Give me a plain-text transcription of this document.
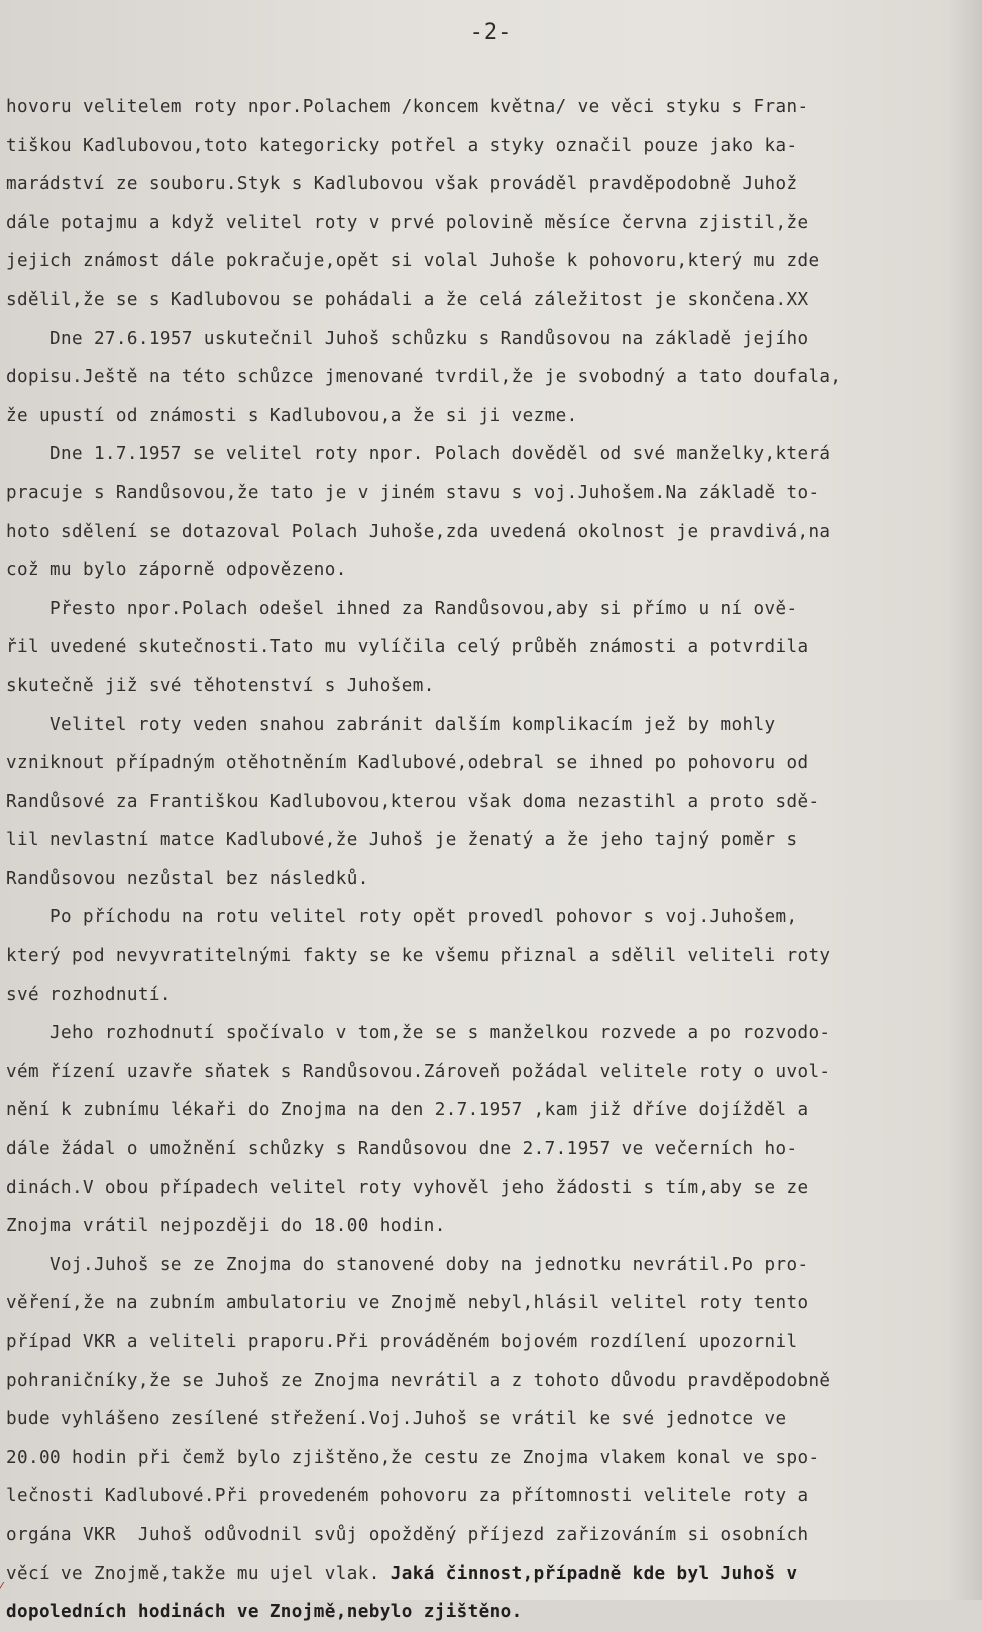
-2-
hovoru velitelem roty npor.Polachem /koncem května/ ve věci styku s Fran-
tiškou Kadlubovou,toto kategoricky potřel a styky označil pouze jako ka-
marádství ze souboru.Styk s Kadlubovou však prováděl pravděpodobně Juhož
dále potajmu a když velitel roty v prvé polovině měsíce června zjistil,že
jejich známost dále pokračuje,opět si volal Juhoše k pohovoru,který mu zde
sdělil,že se s Kadlubovou se pohádali a že celá záležitost je skončena.XX
Dne 27.6.1957 uskutečnil Juhoš schůzku s Randůsovou na základě jejího
dopisu.Ještě na této schůzce jmenované tvrdil,že je svobodný a tato doufala,
že upustí od známosti s Kadlubovou,a že si ji vezme.
Dne 1.7.1957 se velitel roty npor. Polach dověděl od své manželky,která
pracuje s Randůsovou,že tato je v jiném stavu s voj.Juhošem.Na základě to-
hoto sdělení se dotazoval Polach Juhoše,zda uvedená okolnost je pravdivá,na
což mu bylo záporně odpovězeno.
Přesto npor.Polach odešel ihned za Randůsovou,aby si přímo u ní ově-
řil uvedené skutečnosti.Tato mu vylíčila celý průběh známosti a potvrdila
skutečně již své těhotenství s Juhošem.
Velitel roty veden snahou zabránit dalším komplikacím jež by mohly
vzniknout případným otěhotněním Kadlubové,odebral se ihned po pohovoru od
Randůsové za Františkou Kadlubovou,kterou však doma nezastihl a proto sdě-
lil nevlastní matce Kadlubové,že Juhoš je ženatý a že jeho tajný poměr s
Randůsovou nezůstal bez následků.
Po příchodu na rotu velitel roty opět provedl pohovor s voj.Juhošem,
který pod nevyvratitelnými fakty se ke všemu přiznal a sdělil veliteli roty
své rozhodnutí.
Jeho rozhodnutí spočívalo v tom,že se s manželkou rozvede a po rozvodo-
vém řízení uzavře sňatek s Randůsovou.Zároveň požádal velitele roty o uvol-
nění k zubnímu lékaři do Znojma na den 2.7.1957 ,kam již dříve dojížděl a
dále žádal o umožnění schůzky s Randůsovou dne 2.7.1957 ve večerních ho-
dinách.V obou případech velitel roty vyhověl jeho žádosti s tím,aby se ze
Znojma vrátil nejpozději do 18.00 hodin.
Voj.Juhoš se ze Znojma do stanovené doby na jednotku nevrátil.Po pro-
věření,že na zubním ambulatoriu ve Znojmě nebyl,hlásil velitel roty tento
případ VKR a veliteli praporu.Při prováděném bojovém rozdílení upozornil
pohraničníky,že se Juhoš ze Znojma nevrátil a z tohoto důvodu pravděpodobně
bude vyhlášeno zesílené střežení.Voj.Juhoš se vrátil ke své jednotce ve
20.00 hodin při čemž bylo zjištěno,že cestu ze Znojma vlakem konal ve spo-
lečnosti Kadlubové.Při provedeném pohovoru za přítomnosti velitele roty a
orgána VKR  Juhoš odůvodnil svůj opožděný příjezd zařizováním si osobních
věcí ve Znojmě,takže mu ujel vlak. Jaká činnost,případně kde byl Juhoš v
dopoledních hodinách ve Znojmě,nebylo zjištěno.
⁄
